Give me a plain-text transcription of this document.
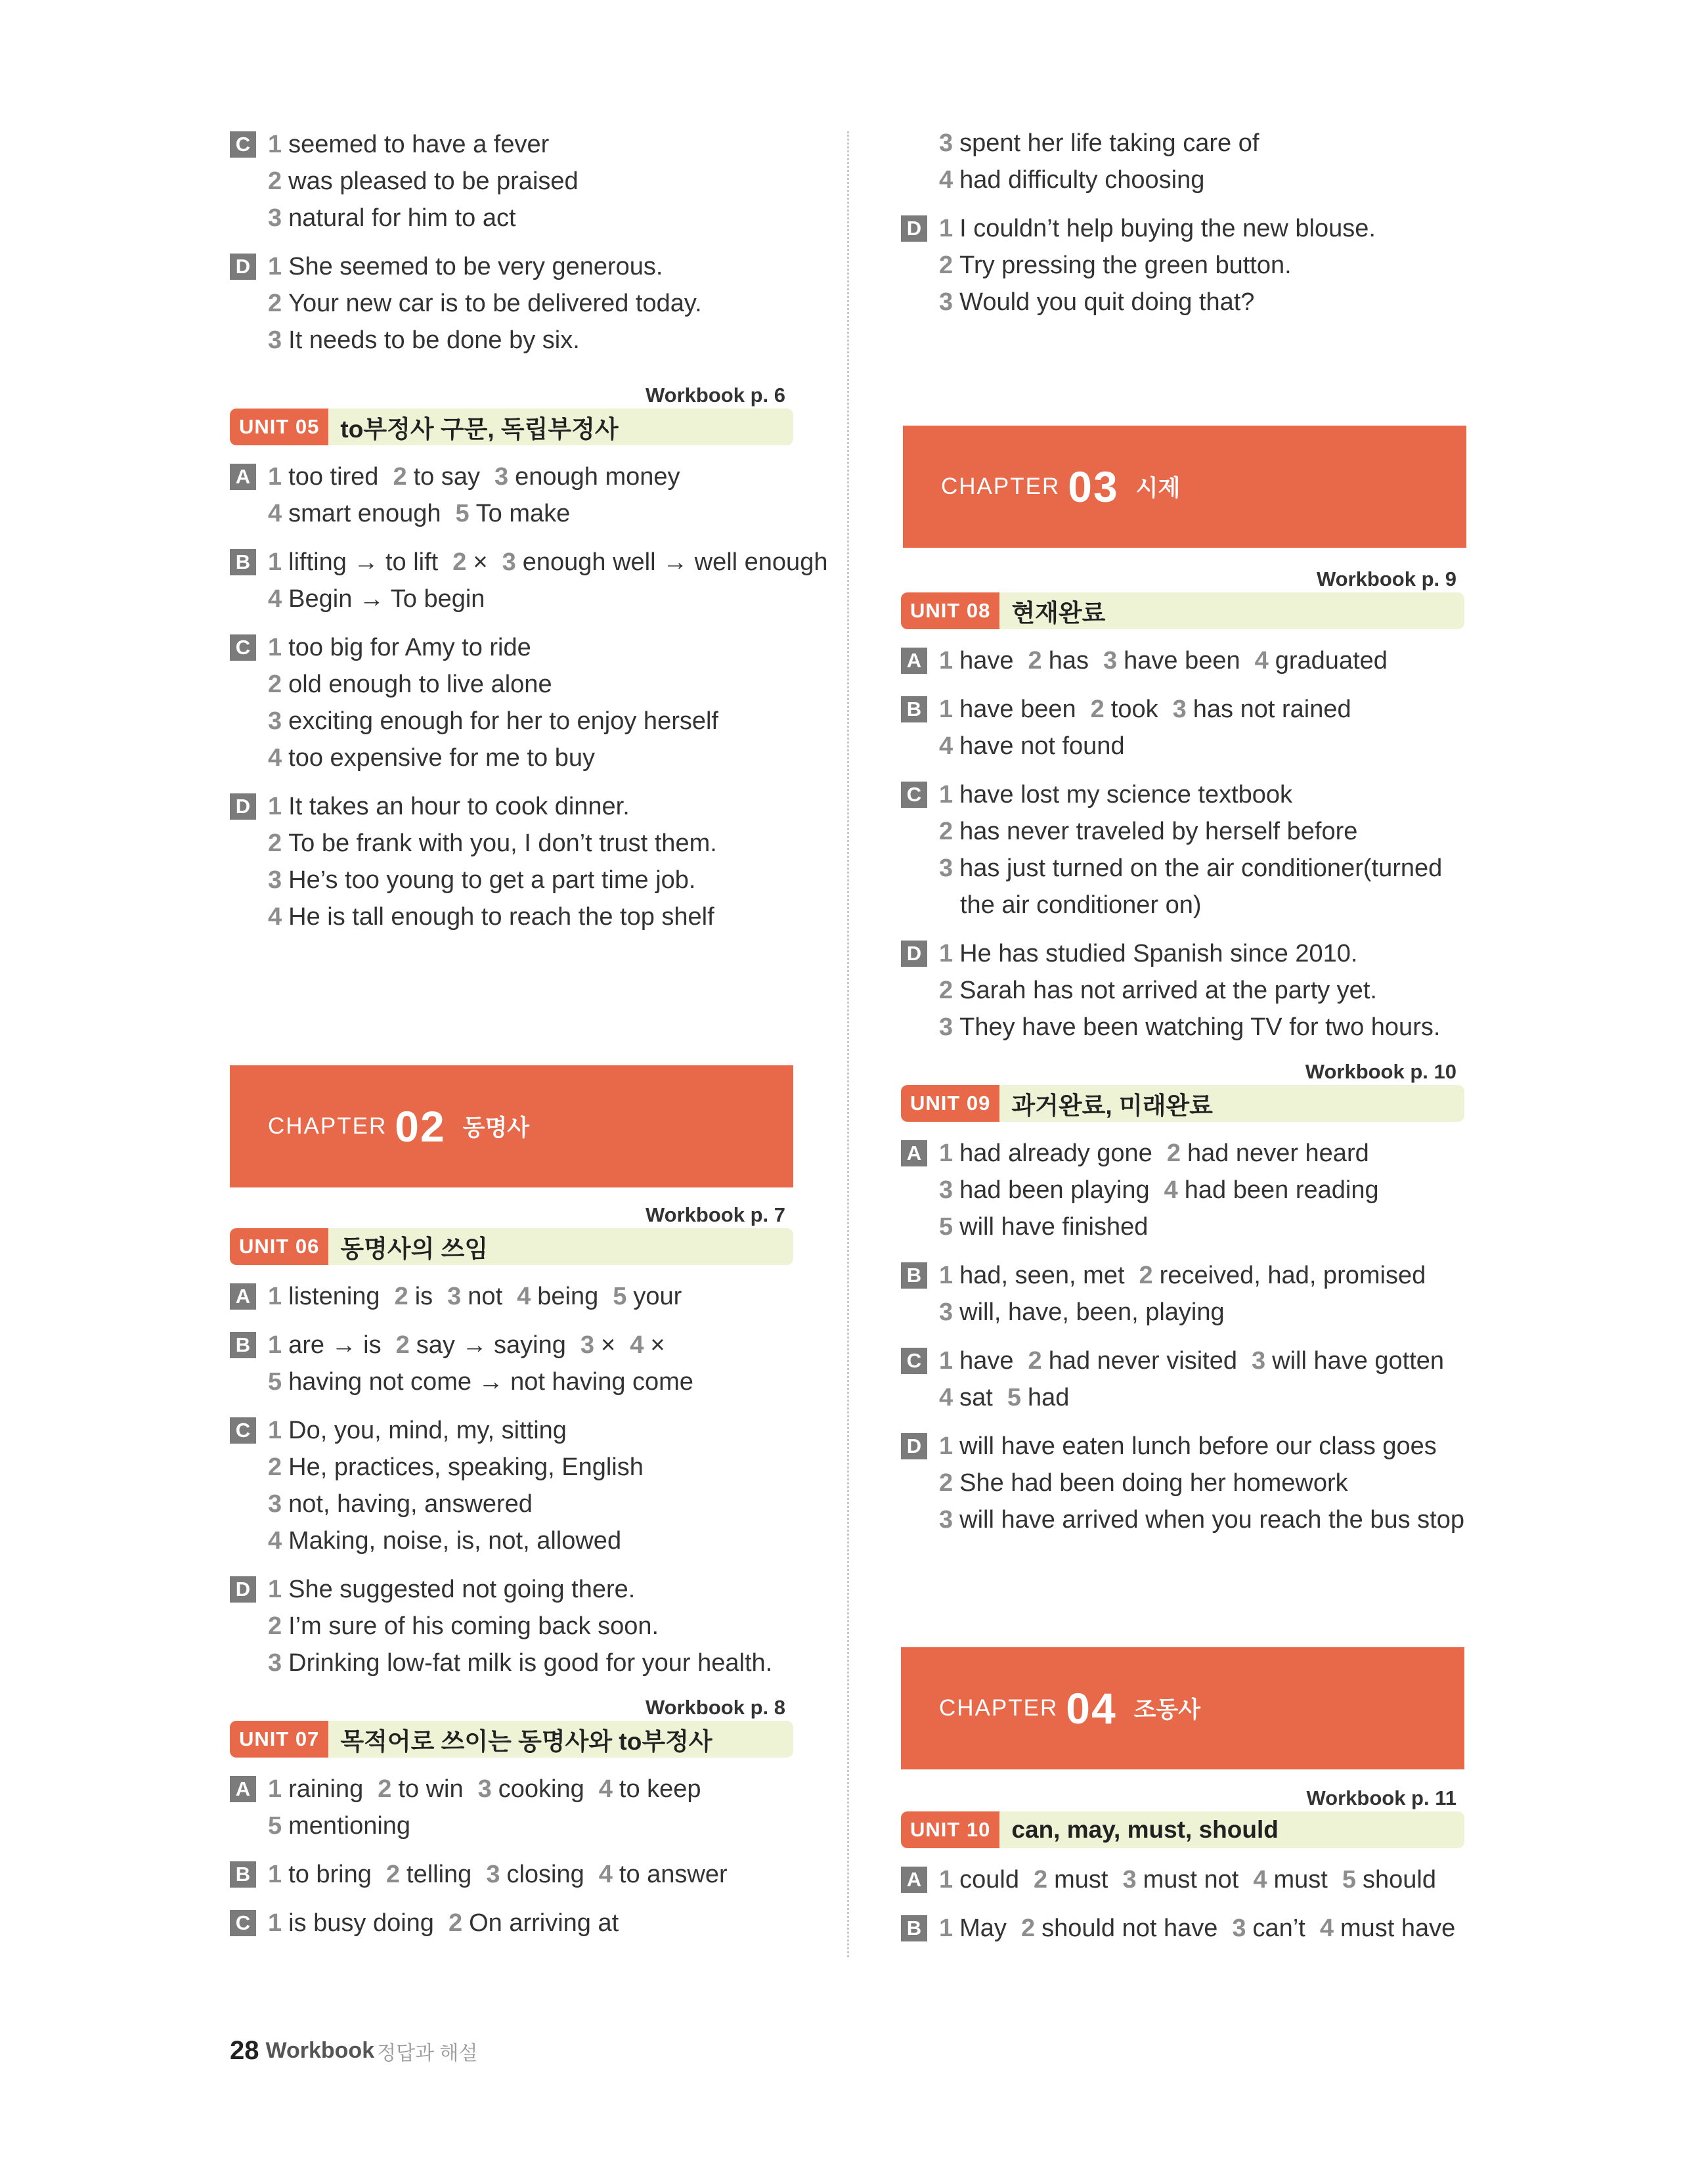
C 1 seemed to have a fever
2 was pleased to be praised
3 natural for him to act
D 1 She seemed to be very generous.
2 Your new car is to be delivered today.
3 It needs to be done by six.
Workbook p. 6
UNIT 05 to부정사 구문, 독립부정사
A 1 too tired 2 to say 3 enough money
4 smart enough 5 To make
B 1 lifting → to lift 2 × 3 enough well → well enough
4 Begin → To begin
C 1 too big for Amy to ride
2 old enough to live alone
3 exciting enough for her to enjoy herself
4 too expensive for me to buy
D 1 It takes an hour to cook dinner.
2 To be frank with you, I don’t trust them.
3 He’s too young to get a part time job.
4 He is tall enough to reach the top shelf
CHAPTER 02 동명사
Workbook p. 7
UNIT 06 동명사의 쓰임
A 1 listening 2 is 3 not 4 being 5 your
B 1 are → is 2 say → saying 3 × 4 ×
5 having not come → not having come
C 1 Do, you, mind, my, sitting
2 He, practices, speaking, English
3 not, having, answered
4 Making, noise, is, not, allowed
D 1 She suggested not going there.
2 I’m sure of his coming back soon.
3 Drinking low-fat milk is good for your health.
Workbook p. 8
UNIT 07 목적어로 쓰이는 동명사와 to부정사
A 1 raining 2 to win 3 cooking 4 to keep
5 mentioning
B 1 to bring 2 telling 3 closing 4 to answer
C 1 is busy doing 2 On arriving at
3 spent her life taking care of
4 had difficulty choosing
D 1 I couldn’t help buying the new blouse.
2 Try pressing the green button.
3 Would you quit doing that?
CHAPTER 03 시제
Workbook p. 9
UNIT 08 현재완료
A 1 have 2 has 3 have been 4 graduated
B 1 have been 2 took 3 has not rained
4 have not found
C 1 have lost my science textbook
2 has never traveled by herself before
3 has just turned on the air conditioner(turned
the air conditioner on)
D 1 He has studied Spanish since 2010.
2 Sarah has not arrived at the party yet.
3 They have been watching TV for two hours.
Workbook p. 10
UNIT 09 과거완료, 미래완료
A 1 had already gone 2 had never heard
3 had been playing 4 had been reading
5 will have finished
B 1 had, seen, met 2 received, had, promised
3 will, have, been, playing
C 1 have 2 had never visited 3 will have gotten
4 sat 5 had
D 1 will have eaten lunch before our class goes
2 She had been doing her homework
3 will have arrived when you reach the bus stop
CHAPTER 04 조동사
Workbook p. 11
UNIT 10 can, may, must, should
A 1 could 2 must 3 must not 4 must 5 should
B 1 May 2 should not have 3 can’t 4 must have
28 Workbook 정답과 해설
